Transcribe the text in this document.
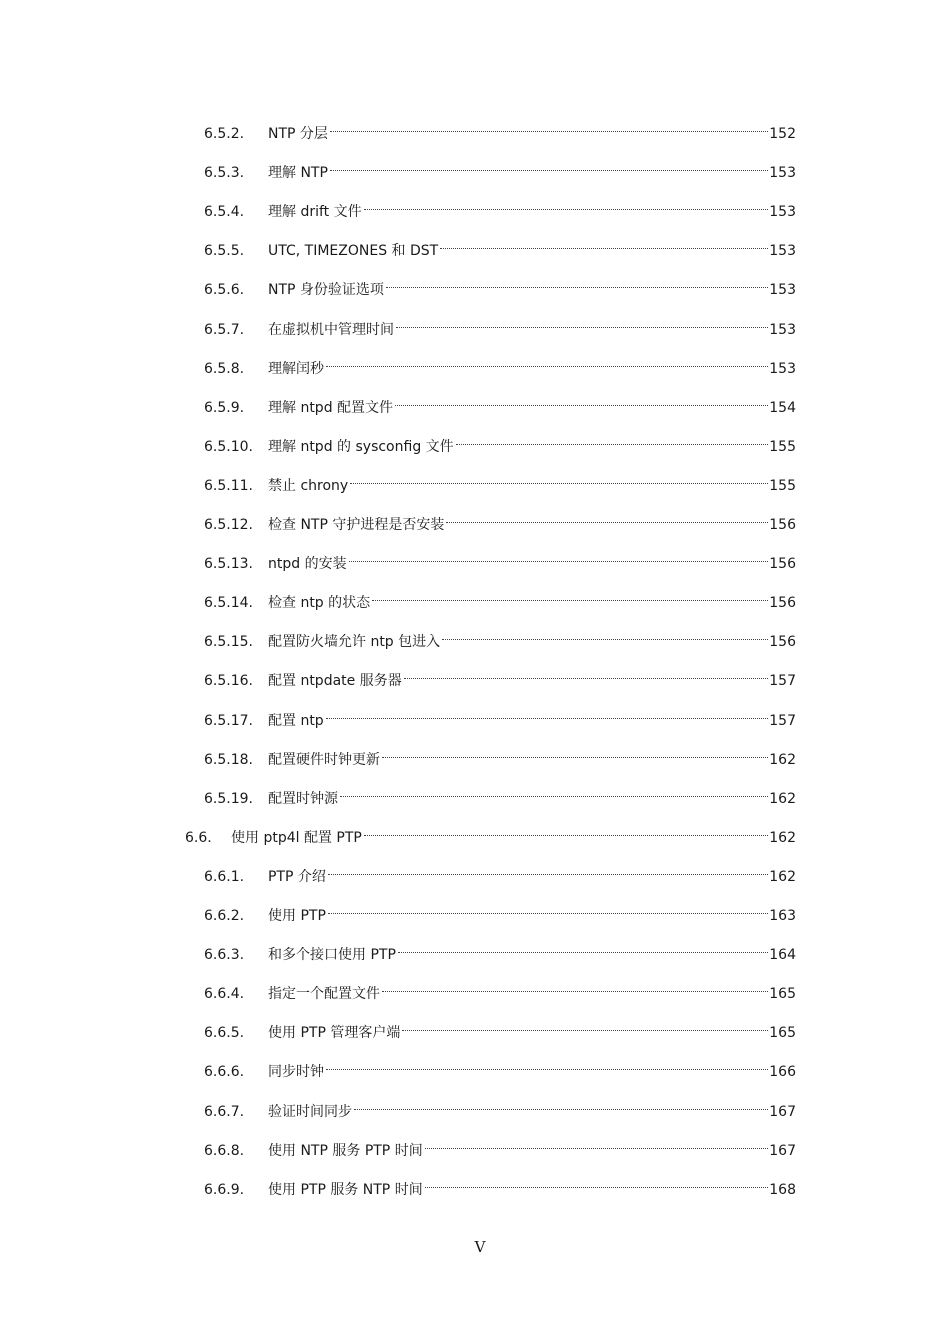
6.5.2.	NTP 分层	152
6.5.3.	理解 NTP	153
6.5.4.	理解 drift 文件	153
6.5.5.	UTC, TIMEZONES 和 DST	153
6.5.6.	NTP 身份验证选项	153
6.5.7.	在虚拟机中管理时间	153
6.5.8.	理解闰秒	153
6.5.9.	理解 ntpd 配置文件	154
6.5.10.	理解 ntpd 的 sysconfig 文件	155
6.5.11.	禁止 chrony	155
6.5.12.	检查 NTP 守护进程是否安装	156
6.5.13.	ntpd 的安装	156
6.5.14.	检查 ntp 的状态	156
6.5.15.	配置防火墙允许 ntp 包进入	156
6.5.16.	配置 ntpdate 服务器	157
6.5.17.	配置 ntp	157
6.5.18.	配置硬件时钟更新	162
6.5.19.	配置时钟源	162
6.6.	使用 ptp4l 配置 PTP	162
6.6.1.	PTP 介绍	162
6.6.2.	使用 PTP	163
6.6.3.	和多个接口使用 PTP	164
6.6.4.	指定一个配置文件	165
6.6.5.	使用 PTP 管理客户端	165
6.6.6.	同步时钟	166
6.6.7.	验证时间同步	167
6.6.8.	使用 NTP 服务 PTP 时间	167
6.6.9.	使用 PTP 服务 NTP 时间	168
V
